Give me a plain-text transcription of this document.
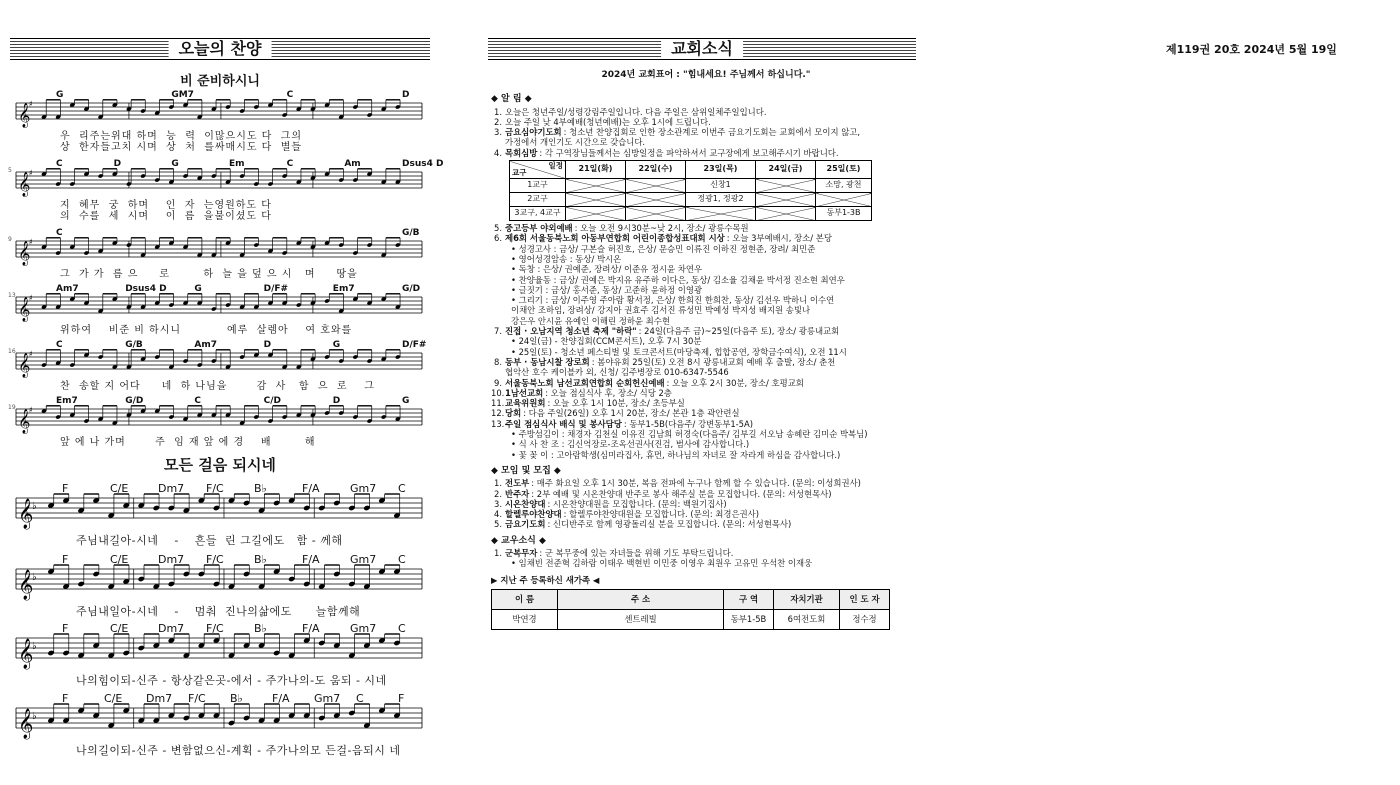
오늘의 찬양	교회소식	제119권 20호 2024년 5월 19일
비 준비하시니
𝄞
♯
G	GM7	C	D
우  리주는위대 하며  능  력  이많으시도 다  그의
상  한자들고치 시며  상  처  를싸매시도 다  별들
𝄞
♯
5
C	D	G	Em	C	Am	Dsus4 D
지  혜무  궁  하며    인  자  는영원하도 다
의  수를  세  시며    이  름  을불이셨도 다
𝄞
♯
9
C	G/B
그  가 가  름 으     로        하  늘 을 덮 으 시   며     땅을
𝄞
♯
13
Am7	Dsus4 D	G	D/F#	Em7	G/D
위하여    비준 비 하시니           예루  살렘아    여 호와를
𝄞
♯
16
C	G/B	Am7	D	G	D/F#
찬  송할 지 어다     네  하 나님을       감  사   함  으  로    그
𝄞
♯
19
Em7	G/D	C	C/D	D	G
앞 에 나 가며       주  임 재 앞 에 경    배        해
모든 걸음 되시네
𝄞
♭
F	C/E	Dm7 F/C	B♭	F/A	Gm7 C
주님내길아-시네    -    흔들  린 그길에도   함 - 께해
𝄞
♭
F	C/E	Dm7 F/C	B♭	F/A	Gm7 C
주님내일아-시네    -    멈춰  진나의삶에도      늘함께해
𝄞
♭
F	C/E	Dm7 F/C	B♭	F/A	Gm7 C
나의힘이되-신주 - 항상같은곳-에서 - 주가나의-도 움되 - 시네
𝄞
♭
F	C/E Dm7 F/C B♭	F/A Gm7 C	F
나의길이되-신주 - 변함없으신-계획 - 주가나의모 든걸-음되시 네
2024년 교회표어 : "힘내세요! 주님께서 하십니다."
◆ 알 림 ◆
1. 오늘은 청년주일/성령강림주일입니다. 다음 주일은 삼위일체주일입니다.
2. 오늘 주일 낮 4부예배(청년예배)는 오후 1시에 드립니다.
3. 금요심야기도회 : 청소년 찬양집회로 인한 장소관계로 이번주 금요기도회는 교회에서 모이지 않고,
가정에서 개인기도 시간으로 갖습니다.
4. 목회심방 : 각 구역장님들께서는 심방일정을 파악하셔서 교구장에게 보고해주시기 바랍니다.
일정
교구	21일(화)	22일(수)	23일(목)	24일(금)	25일(토)
1교구			신창1		소망, 광천
2교구			정광1, 정광2		
3교구, 4교구					동부1-3B
5. 중고등부 야외예배 : 오늘 오전 9시30분~낮 2시, 장소/ 광릉수목원
6. 제6회 서울동북노회 아동부연합회 어린이종합성표대회 시상 : 오늘 3부예배시, 장소/ 본당
• 성경고사 : 금상/ 구본슬 허진호, 은상/ 문승민 이류진 이하진 정현준, 장려/ 최민준
• 영어성경암송 : 동상/ 박시온
• 독창 : 은상/ 권예준, 장려상/ 이준유 정시윤 차연우
• 찬양율동 : 금상/ 권예은 박지유 유주하 이다은, 동상/ 김소율 김채윤 박서정 진소현 최연우
• 글짓기 : 금상/ 홍서준, 동상/ 고준하 윤하정 이영광
• 그리기 : 금상/ 이주영 주아람 황서정, 은상/ 한희진 한희찬, 동상/ 김선우 박하니 이수연
이채안 조하임, 장려상/ 강지아 권효주 김서진 류성민 박예성 박지성 배지원 송빛나
강은우 안시윤 유예인 이해린 정하윤 최수현
7. 진접 · 오남지역 청소년 축제 "하락" : 24일(다음주 금)~25일(다음주 토), 장소/ 광릉내교회
• 24일(금) - 찬양집회(CCM콘서트), 오후 7시 30분
• 25일(토) - 청소년 페스티벌 및 토크콘서트(마당축제, 힙합공연, 장학금수여식), 오전 11시
8. 동부 · 동남시찰 장로회 : 봄야유회 25일(토) 오전 8시 광릉내교회 예배 후 출발, 장소/ 춘천
협악산 호수 케이블카 외, 신청/ 김주병장로 010-6347-5546
9. 서울동북노회 남선교회연합회 순회헌신예배 : 오늘 오후 2시 30분, 장소/ 호평교회
10. 1남선교회 : 오늘 점심식사 후, 장소/ 식당 2층
11. 교육위원회 : 오늘 오후 1시 10분, 장소/ 초등부실
12. 당회 : 다음 주일(26일) 오후 1시 20분, 장소/ 본관 1층 곽안련실
13. 주일 점심식사 배식 및 봉사담당 : 동부1-5B(다음주/ 강변동부1-5A)
• 주방섬김이 : 채경자 김천실 이유진 김남희 허경숙(다음주/ 김부길 서오남 송혜란 김미순 박복님)
• 식 사 찬 조 : 김신억장로-조옥선권사(진검, 범사에 감사합니다.)
• 꽃 꽂 이 : 고아람학생(심미라집사, 휴먼, 하나님의 자녀로 잘 자라게 하심을 감사합니다.)
◆ 모임 및 모집 ◆
1. 전도부 : 매주 화요일 오후 1시 30분, 복음 전파에 누구나 함께 할 수 있습니다. (문의: 이성희권사)
2. 반주자 : 2부 예배 및 시온찬양대 반주로 봉사 해주실 분을 모집합니다. (문의: 서성현목사)
3. 시온찬양대 : 시온찬양대원을 모집합니다. (문의: 백원기집사)
4. 할렐루야찬양대 : 할렐루야찬양대원을 모집합니다. (문의: 최경은권사)
5. 금요기도회 : 신디반주로 함께 영광돌리실 분을 모집합니다. (문의: 서성현목사)
◆ 교우소식 ◆
1. 군복무자 : 군 복무중에 있는 자녀들을 위해 기도 부탁드립니다.
• 임채빈 전준혁 김하람 이태우 백현빈 이민중 이영우 최원우 고유민 우석찬 이재웅
▶ 지난 주 등록하신 새가족 ◀
이 름	주 소	구 역	자치기관	인 도 자
박연경	센트레빌	동부1-5B	6여전도회	정수정
